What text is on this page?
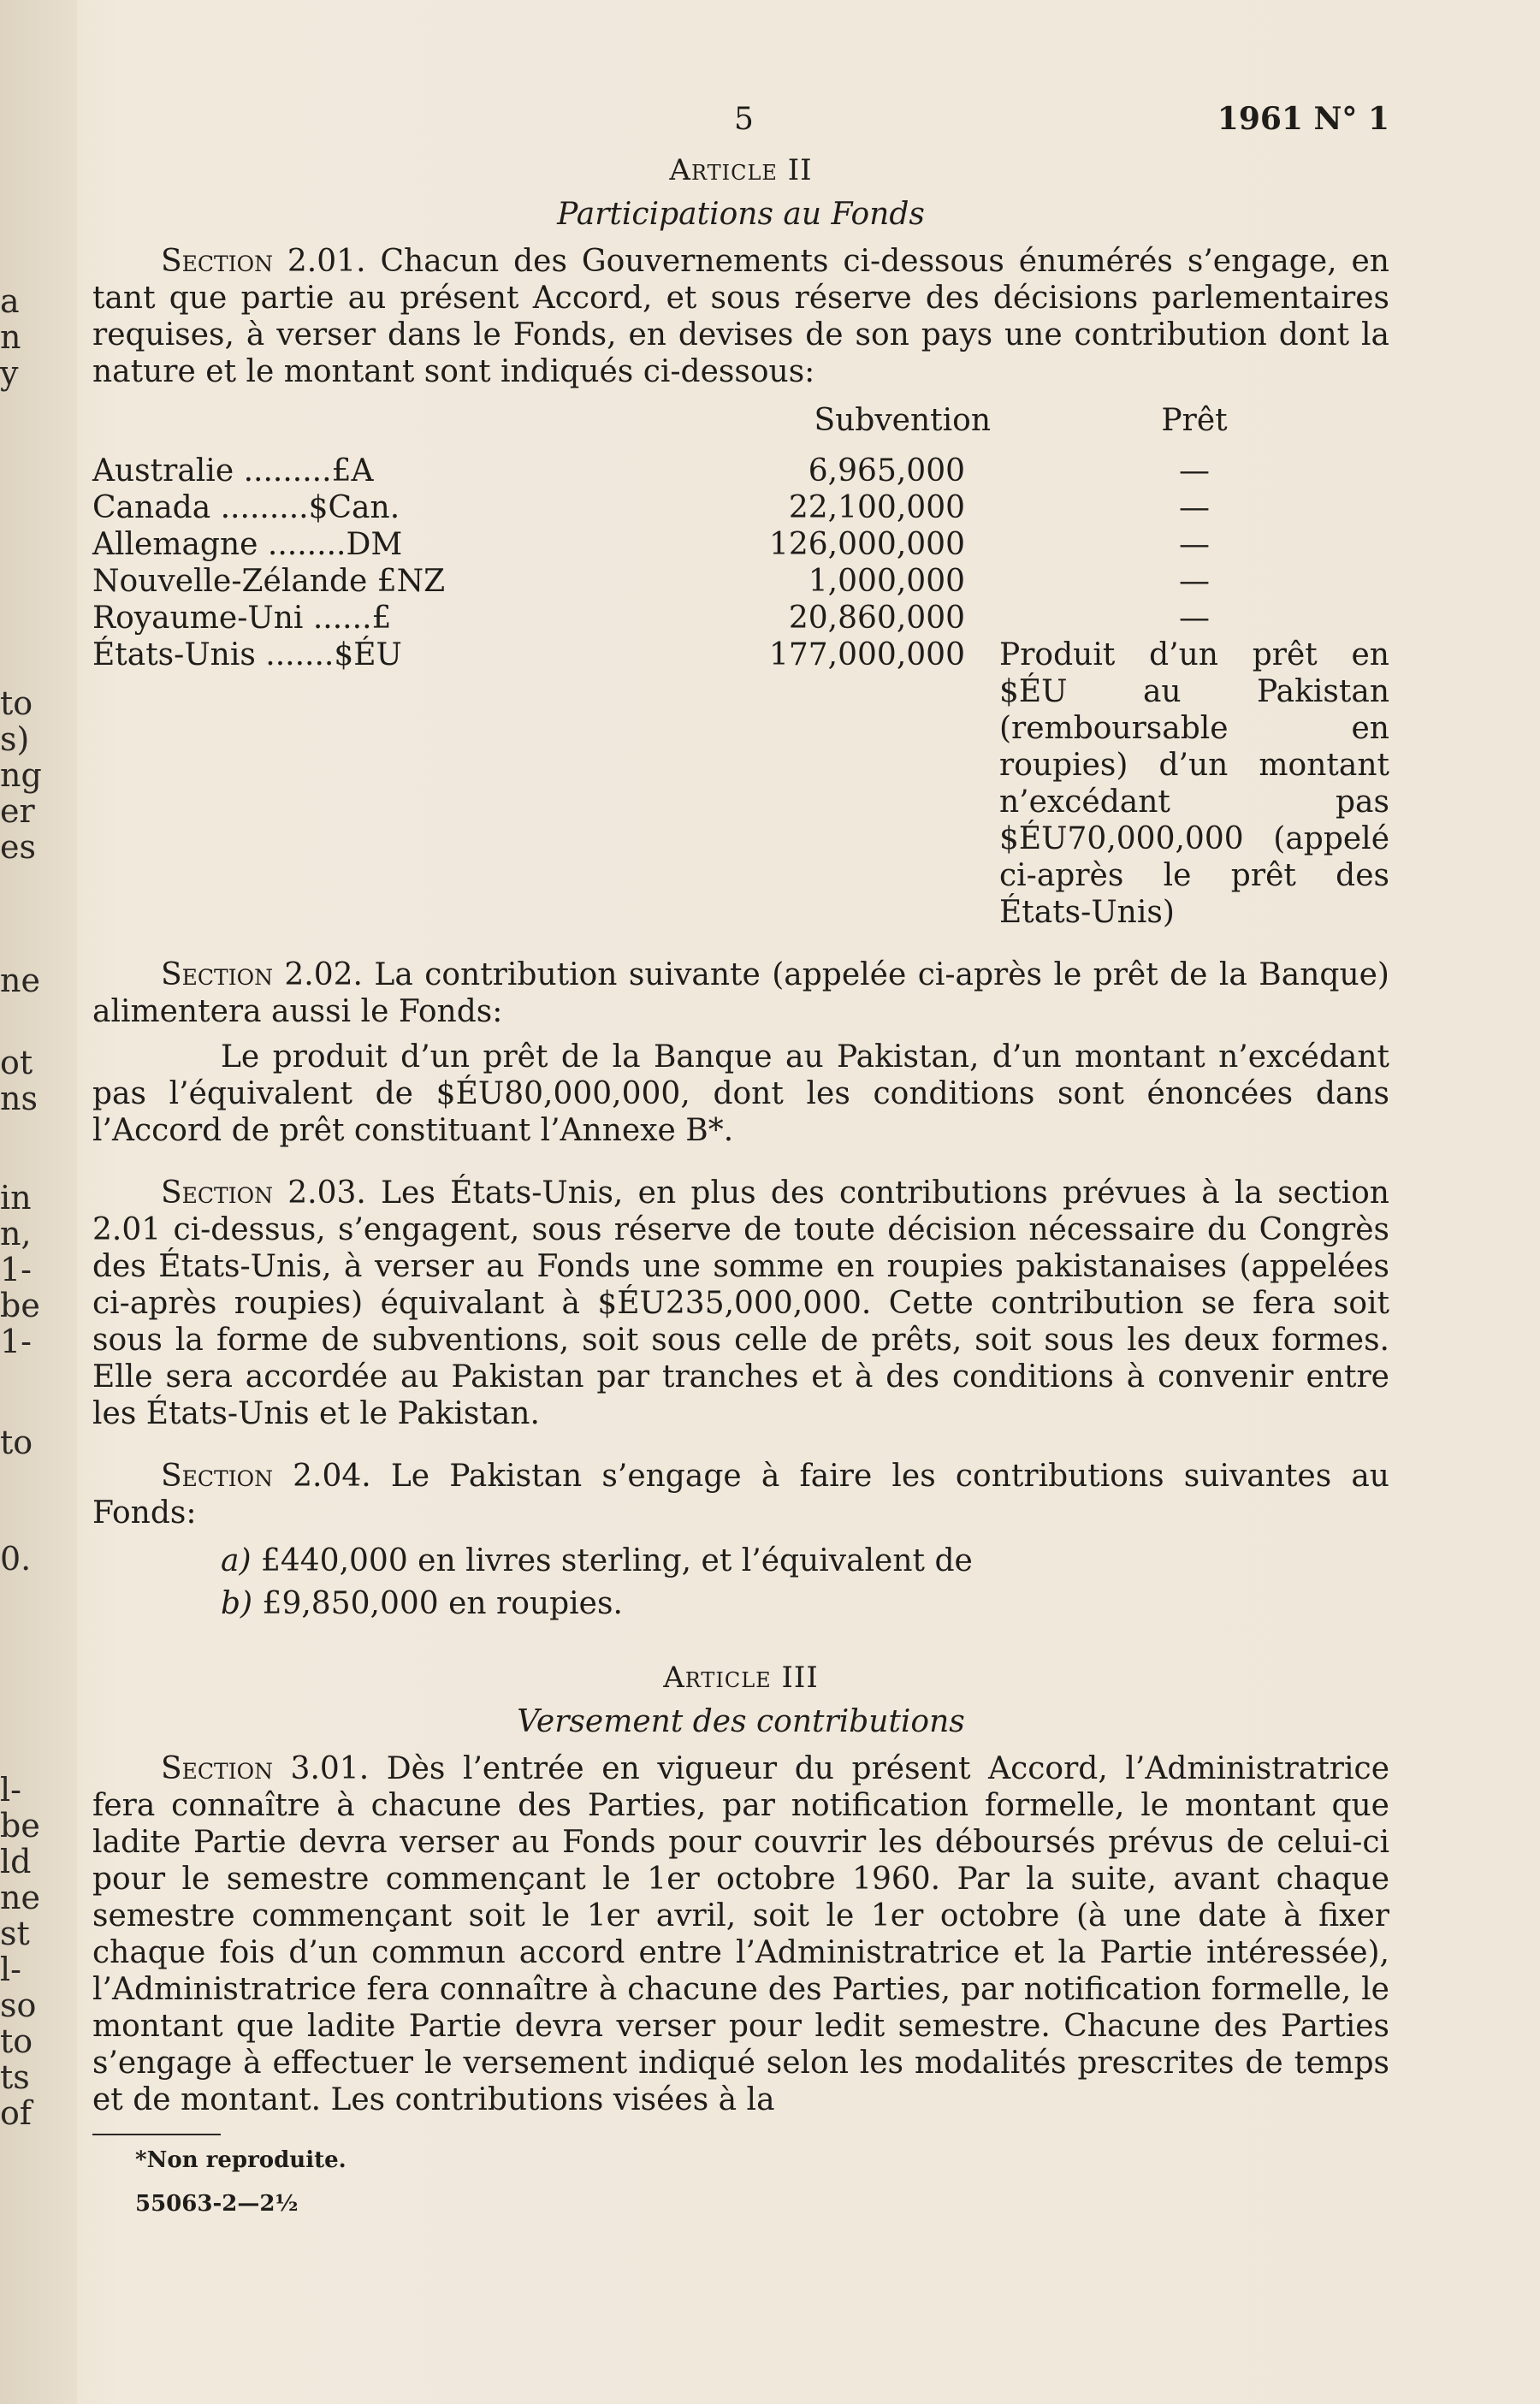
a
n
y
to
s)
ng
er
es
ne
ot
ns
in
n,
1-
be
1-
to
0.
l-
be
ld
ne
st
l-
so
to
ts
of
5	1961 N° 1
Article II
Participations au Fonds

Section 2.01. Chacun des Gouvernements ci-dessous énumérés s’engage, en tant que partie au présent Accord, et sous réserve des décisions parlementaires requises, à verser dans le Fonds, en devises de son pays une contribution dont la nature et le montant sont indiqués ci-dessous:

	Subvention	Prêt
Australie .........£A	6,965,000	—
Canada .........$Can.	22,100,000	—
Allemagne ........DM	126,000,000	—
Nouvelle-Zélande £NZ	1,000,000	—
Royaume-Uni ......£	20,860,000	—
États-Unis .......$ÉU	177,000,000	Produit d’un prêt en $ÉU au Pakistan (remboursable en roupies) d’un montant n’excédant pas $ÉU70,000,000 (appelé ci-après le prêt des États-Unis)

Section 2.02. La contribution suivante (appelée ci-après le prêt de la Banque) alimentera aussi le Fonds:

Le produit d’un prêt de la Banque au Pakistan, d’un montant n’excédant pas l’équivalent de $ÉU80,000,000, dont les conditions sont énoncées dans l’Accord de prêt constituant l’Annexe B*.

Section 2.03. Les États-Unis, en plus des contributions prévues à la section 2.01 ci-dessus, s’engagent, sous réserve de toute décision nécessaire du Congrès des États-Unis, à verser au Fonds une somme en roupies pakistanaises (appelées ci-après roupies) équivalant à $ÉU235,000,000. Cette contribution se fera soit sous la forme de subventions, soit sous celle de prêts, soit sous les deux formes. Elle sera accordée au Pakistan par tranches et à des conditions à convenir entre les États-Unis et le Pakistan.

Section 2.04. Le Pakistan s’engage à faire les contributions suivantes au Fonds:

a) £440,000 en livres sterling, et l’équivalent de
b) £9,850,000 en roupies.
Article III
Versement des contributions

Section 3.01. Dès l’entrée en vigueur du présent Accord, l’Administratrice fera connaître à chacune des Parties, par notification formelle, le montant que ladite Partie devra verser au Fonds pour couvrir les déboursés prévus de celui-ci pour le semestre commençant le 1er octobre 1960. Par la suite, avant chaque semestre commençant soit le 1er avril, soit le 1er octobre (à une date à fixer chaque fois d’un commun accord entre l’Administratrice et la Partie intéressée), l’Administratrice fera connaître à chacune des Parties, par notification formelle, le montant que ladite Partie devra verser pour ledit semestre. Chacune des Parties s’engage à effectuer le versement indiqué selon les modalités prescrites de temps et de montant. Les contributions visées à la

*Non reproduite.
55063-2—2½
